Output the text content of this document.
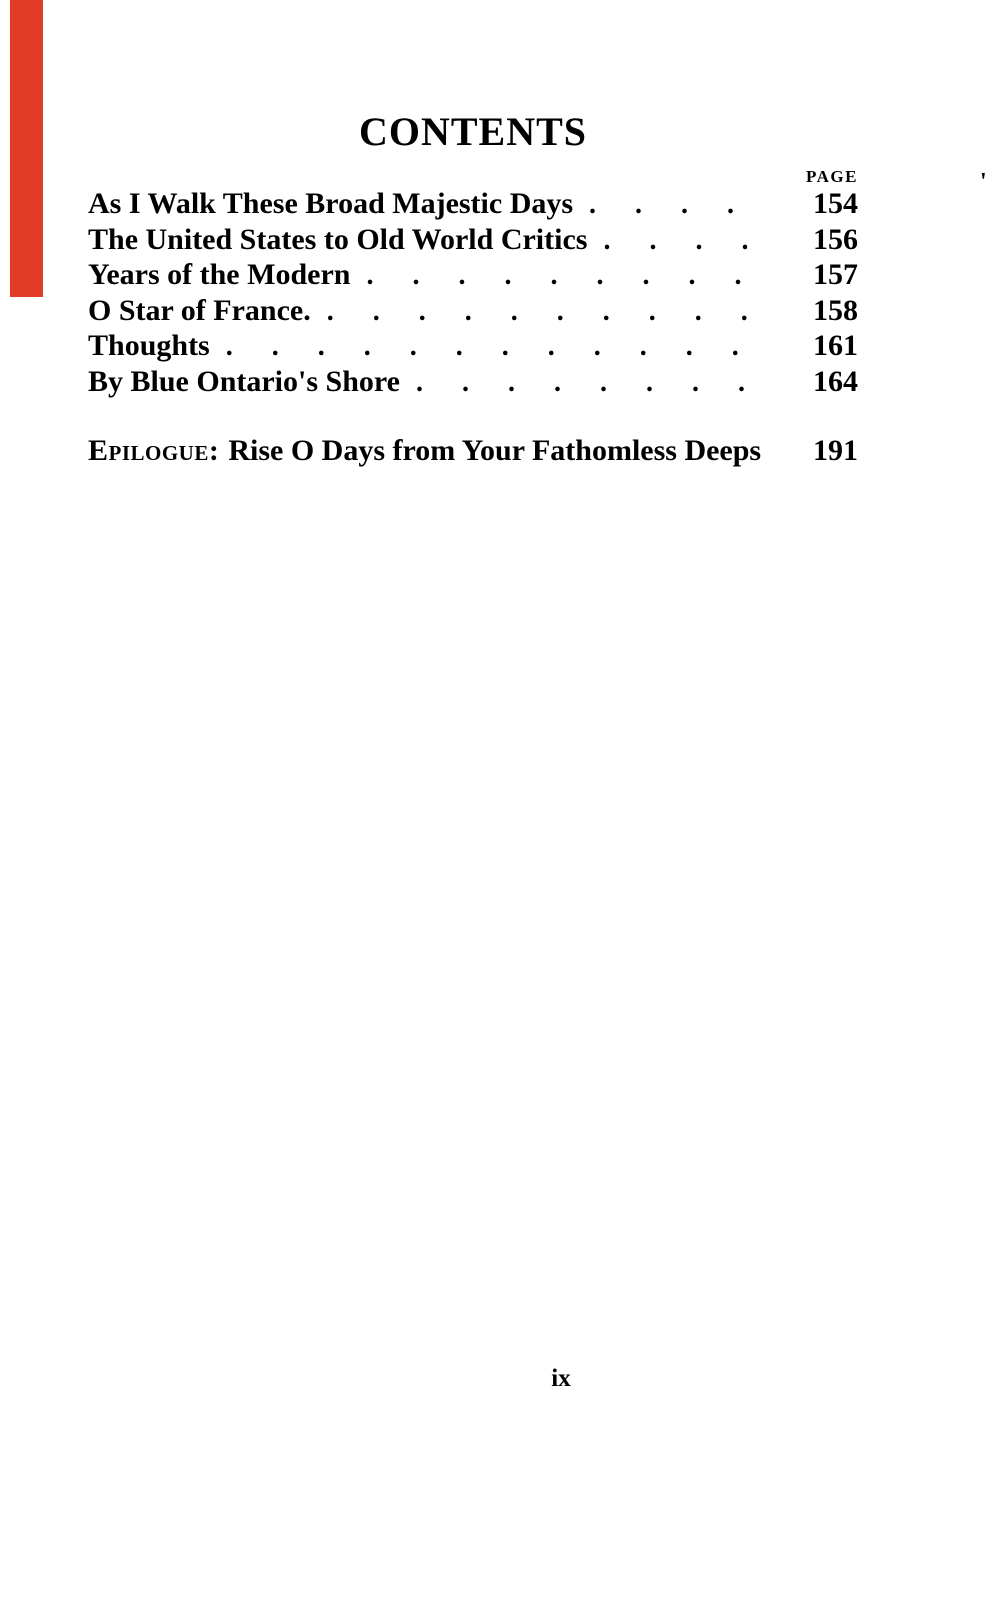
'
CONTENTS
PAGE
As I Walk These Broad Majestic Days ....	154
The United States to Old World Critics .... 156
Years of the Modern .........	157
O Star of France. .......... 158
Thoughts ............	161
By Blue Ontario's Shore ........ 164
Epilogue: Rise O Days from Your Fathomless Deeps 191
ix
